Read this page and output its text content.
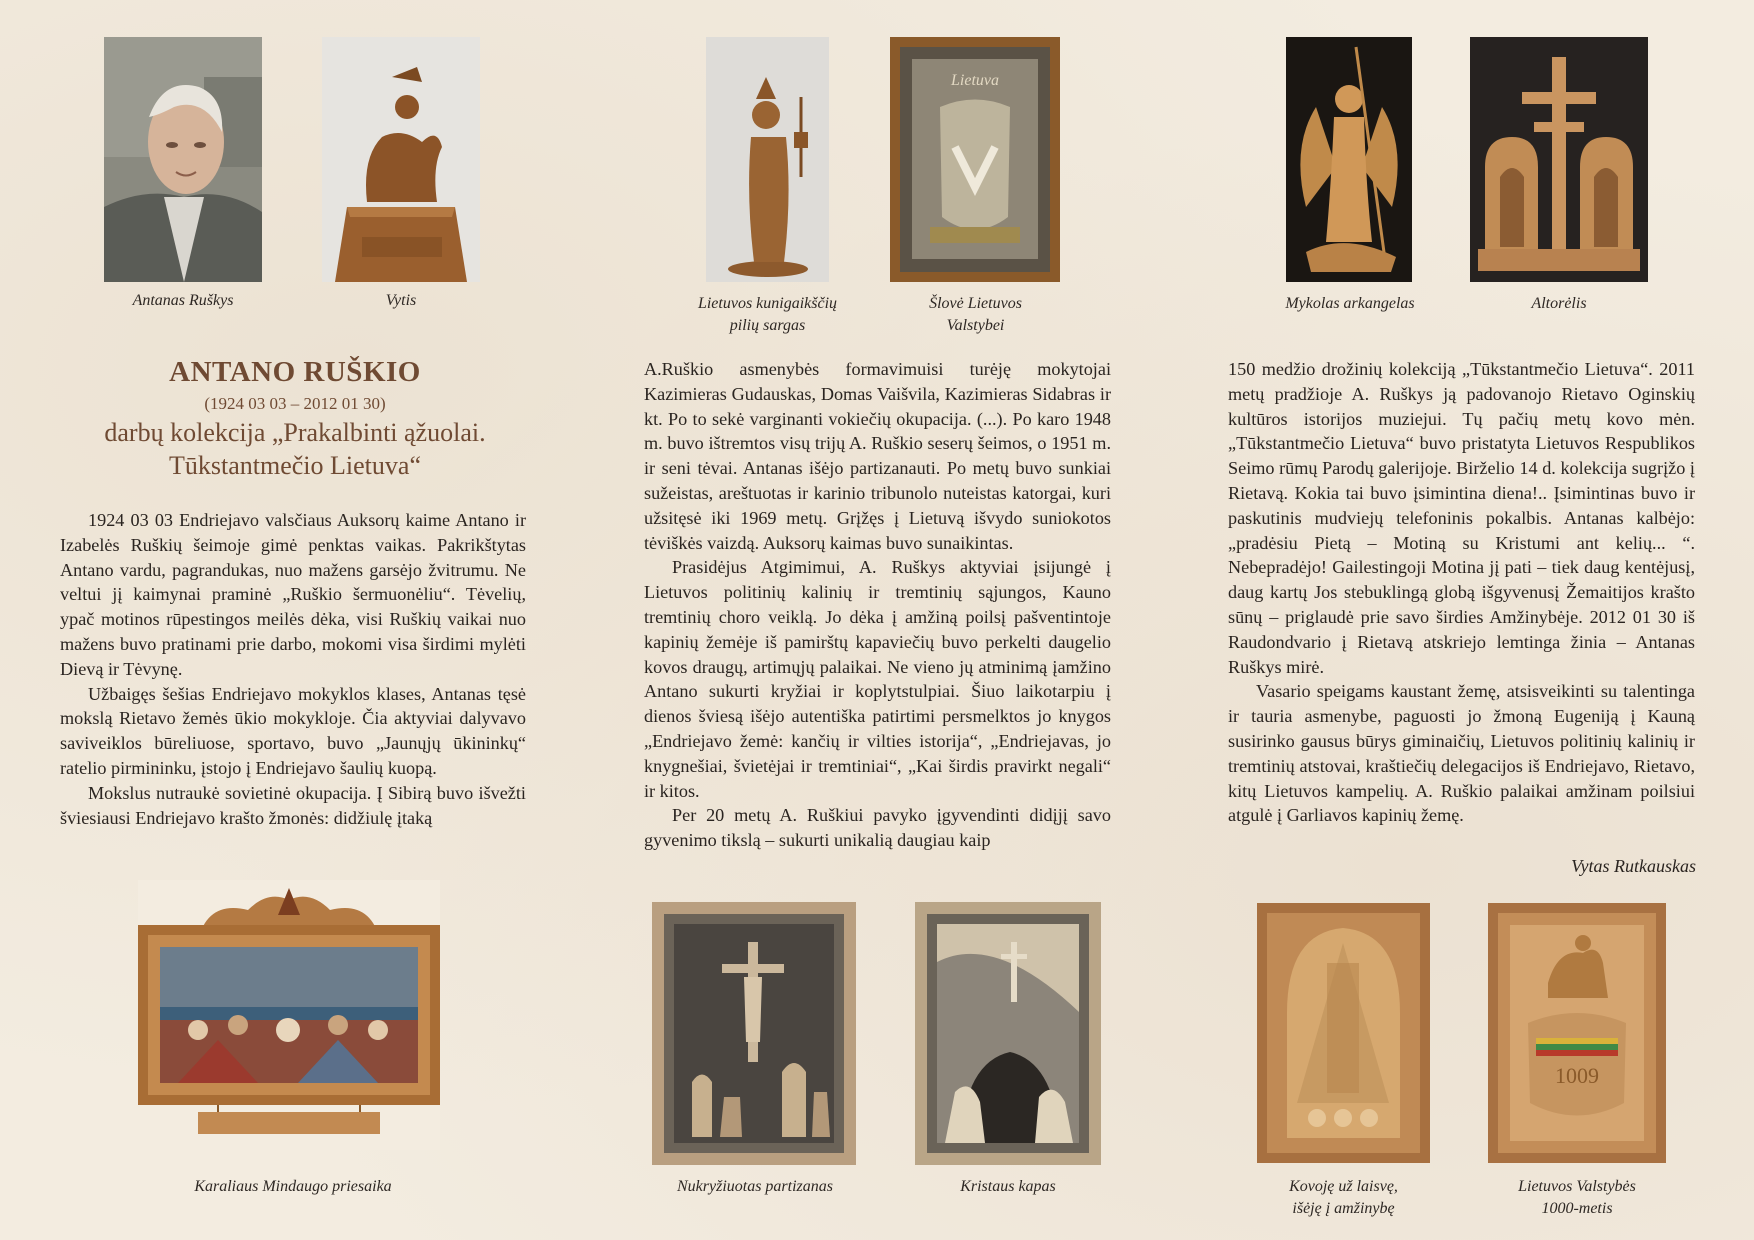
Antanas Ruškys	Vytis	Lietuvos kunigaikščių
pilių sargas
Lietuva
Šlovė Lietuvos
Valstybei
Mykolas arkangelas	Altorėlis
ANTANO RUŠKIO
(1924 03 03 – 2012 01 30)
darbų kolekcija „Prakalbinti ąžuolai.
Tūkstantmečio Lietuva“

1924 03 03 Endriejavo valsčiaus Auksorų kaime Antano ir Izabelės Ruškių šeimoje gimė penktas vaikas. Pakrikštytas Antano vardu, pagrandukas, nuo mažens garsėjo žvitrumu. Ne veltui jį kaimynai praminė „Ruškio šermuonėliu“. Tėvelių, ypač motinos rūpestingos meilės dėka, visi Ruškių vaikai nuo mažens buvo pratinami prie darbo, mokomi visa širdimi mylėti Dievą ir Tėvynę.

Užbaigęs šešias Endriejavo mokyklos klases, Antanas tęsė mokslą Rietavo žemės ūkio mokykloje. Čia aktyviai dalyvavo saviveiklos būreliuose, sportavo, buvo „Jaunųjų ūkininkų“ ratelio pirmininku, įstojo į Endriejavo šaulių kuopą.

Mokslus nutraukė sovietinė okupacija. Į Sibirą buvo išvežti šviesiausi Endriejavo krašto žmonės: didžiulę įtaką

A.Ruškio asmenybės formavimuisi turėję mokytojai Kazimieras Gudauskas, Domas Vaišvila, Kazimieras Sidabras ir kt. Po to sekė varginanti vokiečių okupacija. (...). Po karo 1948 m. buvo ištremtos visų trijų A. Ruškio seserų šeimos, o 1951 m. ir seni tėvai. Antanas išėjo partizanauti. Po metų buvo sunkiai sužeistas, areštuotas ir karinio tribunolo nuteistas katorgai, kuri užsitęsė iki 1969 metų. Grįžęs į Lietuvą išvydo suniokotos tėviškės vaizdą. Auksorų kaimas buvo sunaikintas.

Prasidėjus Atgimimui, A. Ruškys aktyviai įsijungė į Lietuvos politinių kalinių ir tremtinių sąjungos, Kauno tremtinių choro veiklą. Jo dėka į amžiną poilsį pašventintoje kapinių žemėje iš pamirštų kapaviečių buvo perkelti daugelio kovos draugų, artimųjų palaikai. Ne vieno jų atminimą įamžino Antano sukurti kryžiai ir koplytstulpiai. Šiuo laikotarpiu į dienos šviesą išėjo autentiška patirtimi persmelktos jo knygos „Endriejavo žemė: kančių ir vilties istorija“, „Endriejavas, jo knygnešiai, švietėjai ir tremtiniai“, „Kai širdis pravirkt negali“ ir kitos.

Per 20 metų A. Ruškiui pavyko įgyvendinti didįjį savo gyvenimo tikslą – sukurti unikalią daugiau kaip

150 medžio drožinių kolekciją „Tūkstantmečio Lietuva“. 2011 metų pradžioje A. Ruškys ją padovanojo Rietavo Oginskių kultūros istorijos muziejui. Tų pačių metų kovo mėn. „Tūkstantmečio Lietuva“ buvo pristatyta Lietuvos Respublikos Seimo rūmų Parodų galerijoje. Birželio 14 d. kolekcija sugrįžo į Rietavą. Kokia tai buvo įsimintina diena!.. Įsimintinas buvo ir paskutinis mudviejų telefoninis pokalbis. Antanas kalbėjo: „pradėsiu Pietą – Motiną su Kristumi ant kelių... “. Nebepradėjo! Gailestingoji Motina jį pati – tiek daug kentėjusį, daug kartų Jos stebuklingą globą išgyvenusį Žemaitijos krašto sūnų – priglaudė prie savo širdies Amžinybėje. 2012 01 30 iš Raudondvario į Rietavą atskriejo lemtinga žinia – Antanas Ruškys mirė.

Vasario speigams kaustant žemę, atsisveikinti su talentinga ir tauria asmenybe, paguosti jo žmoną Eugeniją į Kauną susirinko gausus būrys giminaičių, Lietuvos politinių kalinių ir tremtinių atstovai, kraštiečių delegacijos iš Endriejavo, Rietavo, kitų Lietuvos kampelių. A. Ruškio palaikai amžinam poilsiui atgulė į Garliavos kapinių žemę.

Vytas Rutkauskas
Karaliaus Mindaugo priesaika	Nukryžiuotas partizanas	Kristaus kapas	Kovoję už laisvę,
išėję į amžinybę
1009
Lietuvos Valstybės
1000-metis
